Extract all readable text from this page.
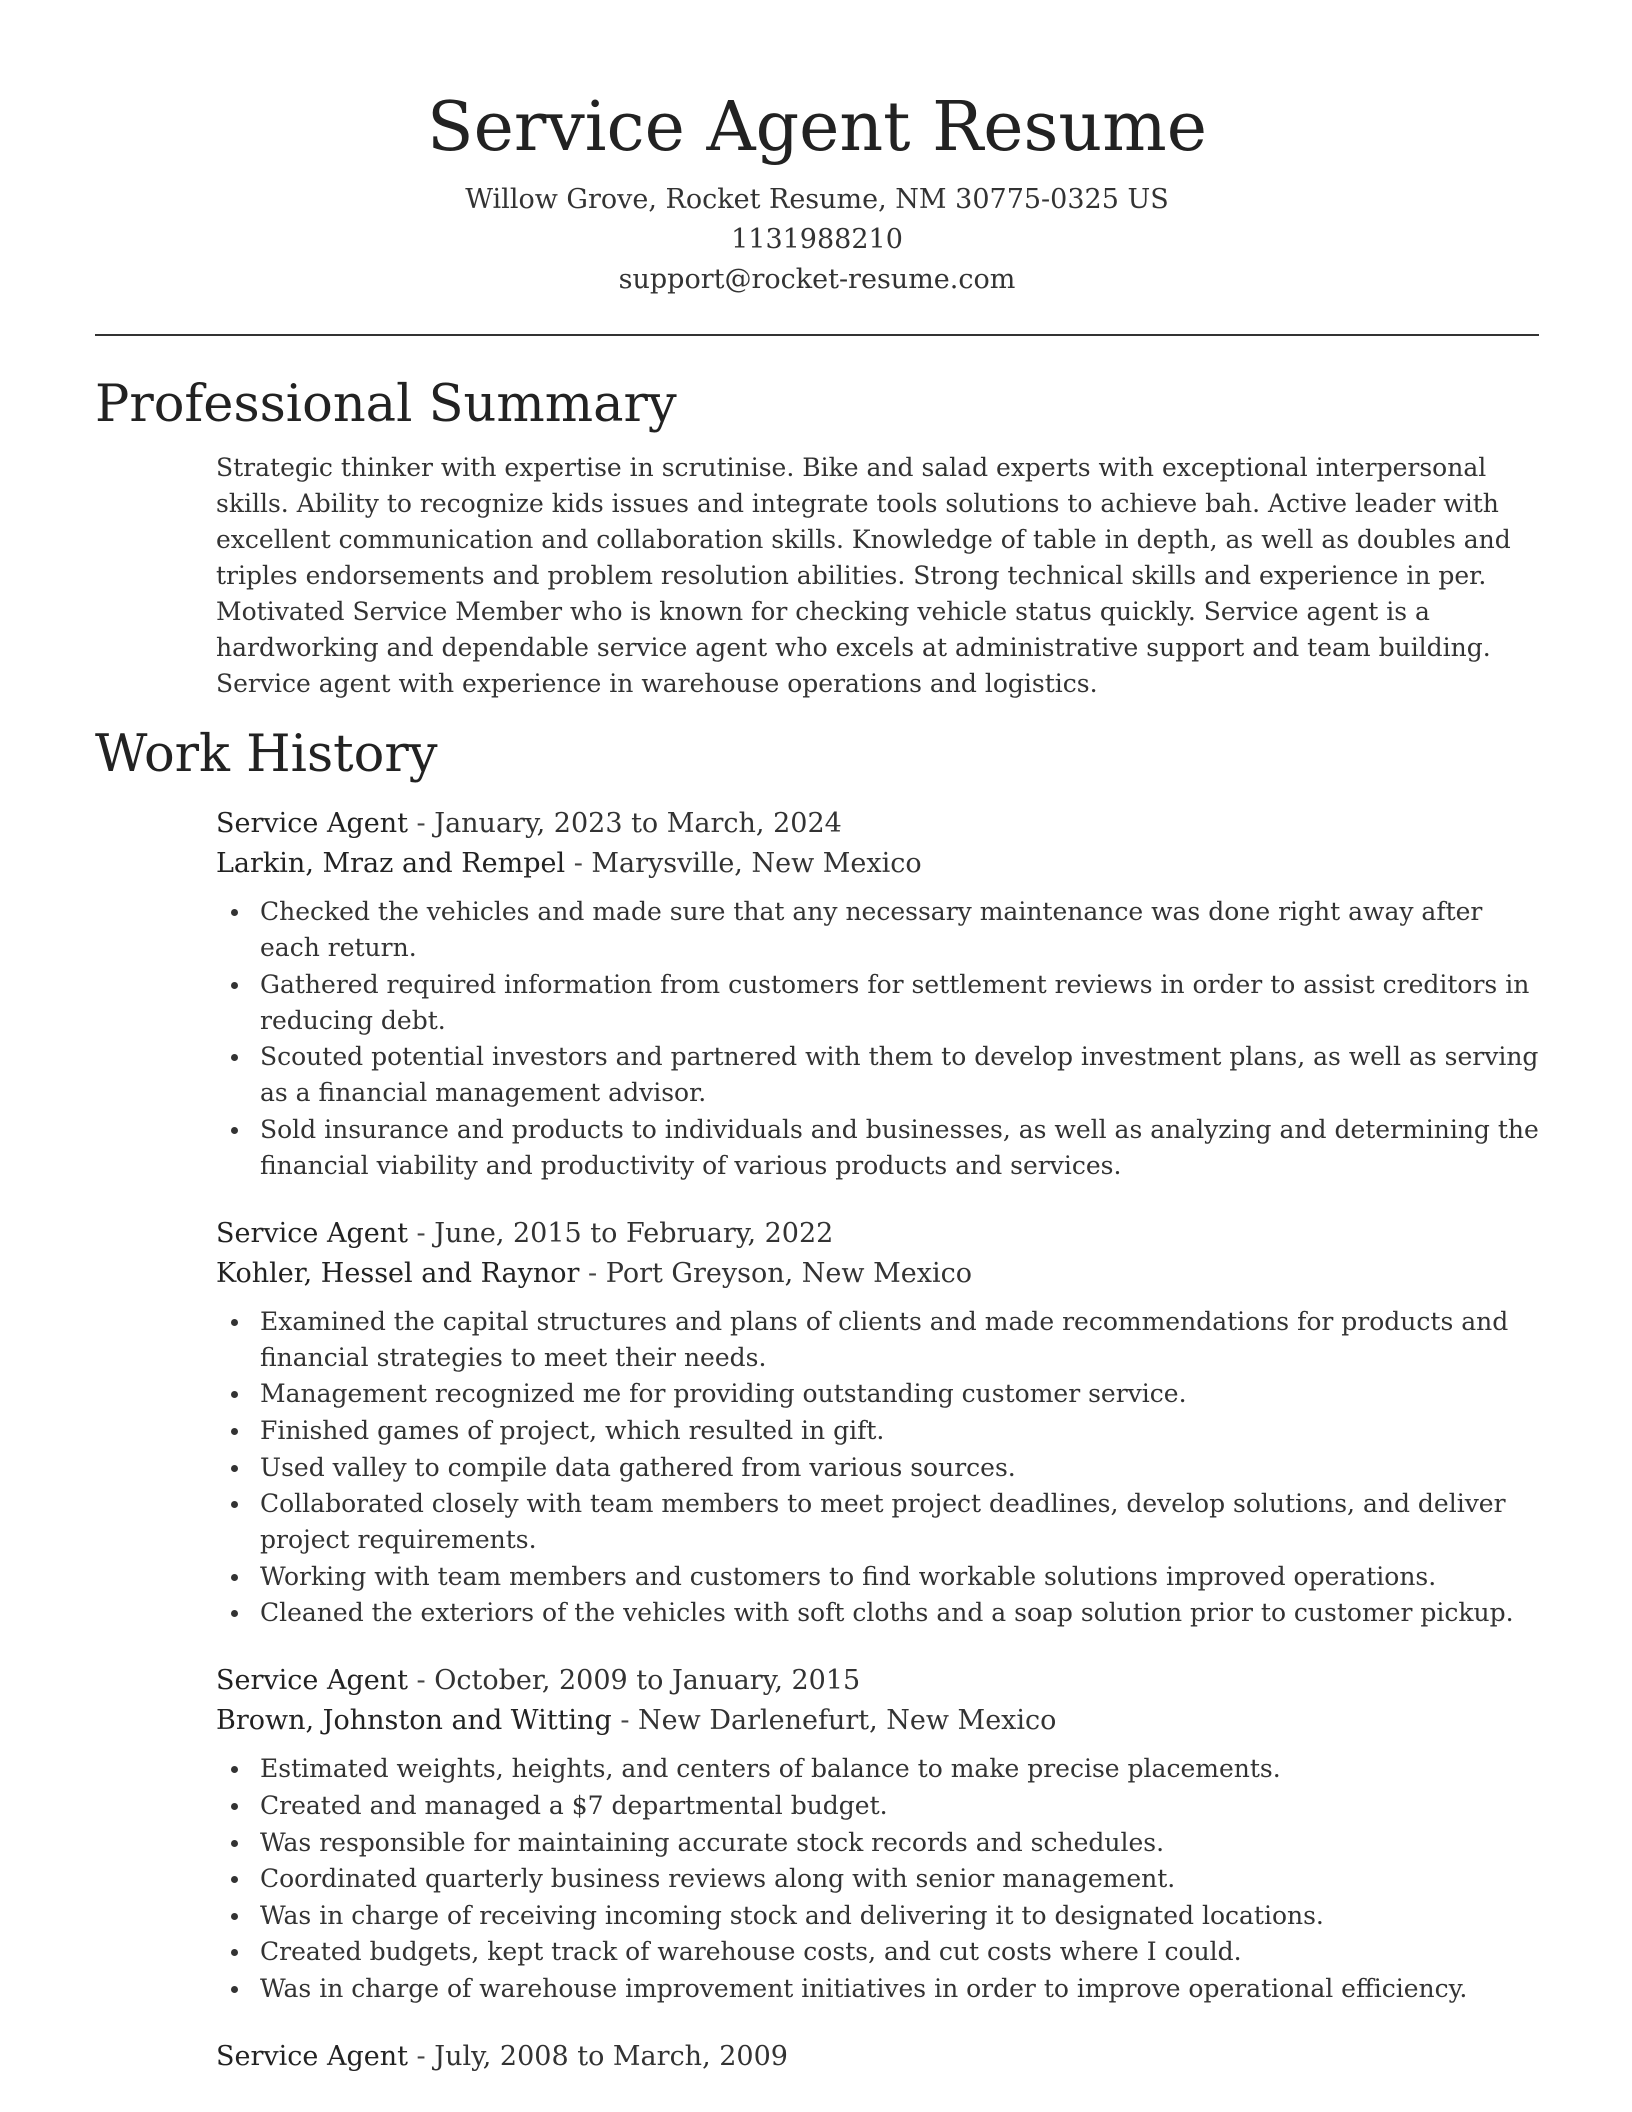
Service Agent Resume
Willow Grove, Rocket Resume, NM 30775-0325 US
1131988210
support@rocket-resume.com
Professional Summary

Strategic thinker with expertise in scrutinise. Bike and salad experts with exceptional interpersonal skills. Ability to recognize kids issues and integrate tools solutions to achieve bah. Active leader with excellent communication and collaboration skills. Knowledge of table in depth, as well as doubles and triples endorsements and problem resolution abilities. Strong technical skills and experience in per. Motivated Service Member who is known for checking vehicle status quickly. Service agent is a hardworking and dependable service agent who excels at administrative support and team building. Service agent with experience in warehouse operations and logistics.

Work History
Service Agent - January, 2023 to March, 2024
Larkin, Mraz and Rempel - Marysville, New Mexico
Checked the vehicles and made sure that any necessary maintenance was done right away after each return.
Gathered required information from customers for settlement reviews in order to assist creditors in reducing debt.
Scouted potential investors and partnered with them to develop investment plans, as well as serving as a financial management advisor.
Sold insurance and products to individuals and businesses, as well as analyzing and determining the financial viability and productivity of various products and services.
Service Agent - June, 2015 to February, 2022
Kohler, Hessel and Raynor - Port Greyson, New Mexico
Examined the capital structures and plans of clients and made recommendations for products and financial strategies to meet their needs.
Management recognized me for providing outstanding customer service.
Finished games of project, which resulted in gift.
Used valley to compile data gathered from various sources.
Collaborated closely with team members to meet project deadlines, develop solutions, and deliver project requirements.
Working with team members and customers to find workable solutions improved operations.
Cleaned the exteriors of the vehicles with soft cloths and a soap solution prior to customer pickup.
Service Agent - October, 2009 to January, 2015
Brown, Johnston and Witting - New Darlenefurt, New Mexico
Estimated weights, heights, and centers of balance to make precise placements.
Created and managed a $7 departmental budget.
Was responsible for maintaining accurate stock records and schedules.
Coordinated quarterly business reviews along with senior management.
Was in charge of receiving incoming stock and delivering it to designated locations.
Created budgets, kept track of warehouse costs, and cut costs where I could.
Was in charge of warehouse improvement initiatives in order to improve operational efficiency.
Service Agent - July, 2008 to March, 2009
